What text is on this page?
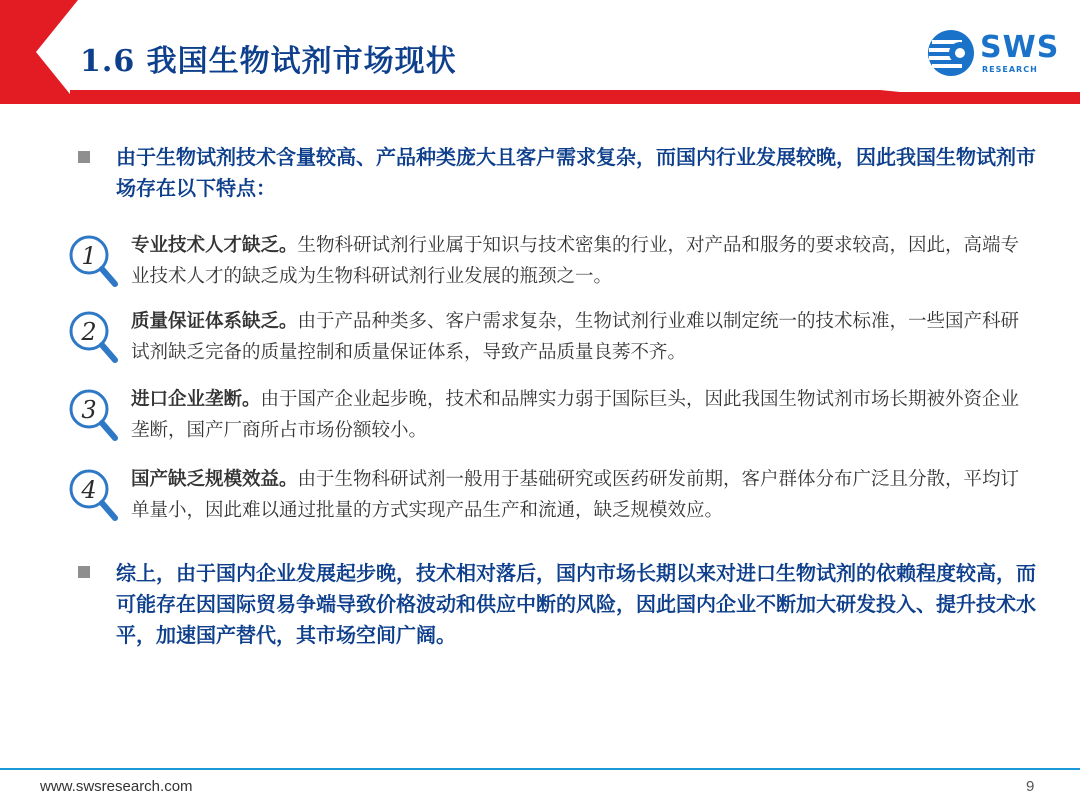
1.6 我国生物试剂市场现状	SWS
RESEARCH
由于生物试剂技术含量较高、产品种类庞大且客户需求复杂，而国内行业发展较晚，因此我国生物试剂市场存在以下特点：
1 专业技术人才缺乏。生物科研试剂行业属于知识与技术密集的行业，对产品和服务的要求较高，因此，高端专业技术人才的缺乏成为生物科研试剂行业发展的瓶颈之一。
2 质量保证体系缺乏。由于产品种类多、客户需求复杂，生物试剂行业难以制定统一的技术标准，一些国产科研试剂缺乏完备的质量控制和质量保证体系，导致产品质量良莠不齐。
3 进口企业垄断。由于国产企业起步晚，技术和品牌实力弱于国际巨头，因此我国生物试剂市场长期被外资企业垄断，国产厂商所占市场份额较小。
4 国产缺乏规模效益。由于生物科研试剂一般用于基础研究或医药研发前期，客户群体分布广泛且分散，平均订单量小，因此难以通过批量的方式实现产品生产和流通，缺乏规模效应。
综上，由于国内企业发展起步晚，技术相对落后，国内市场长期以来对进口生物试剂的依赖程度较高，而可能存在因国际贸易争端导致价格波动和供应中断的风险，因此国内企业不断加大研发投入、提升技术水平，加速国产替代，其市场空间广阔。
www.swsresearch.com	9
